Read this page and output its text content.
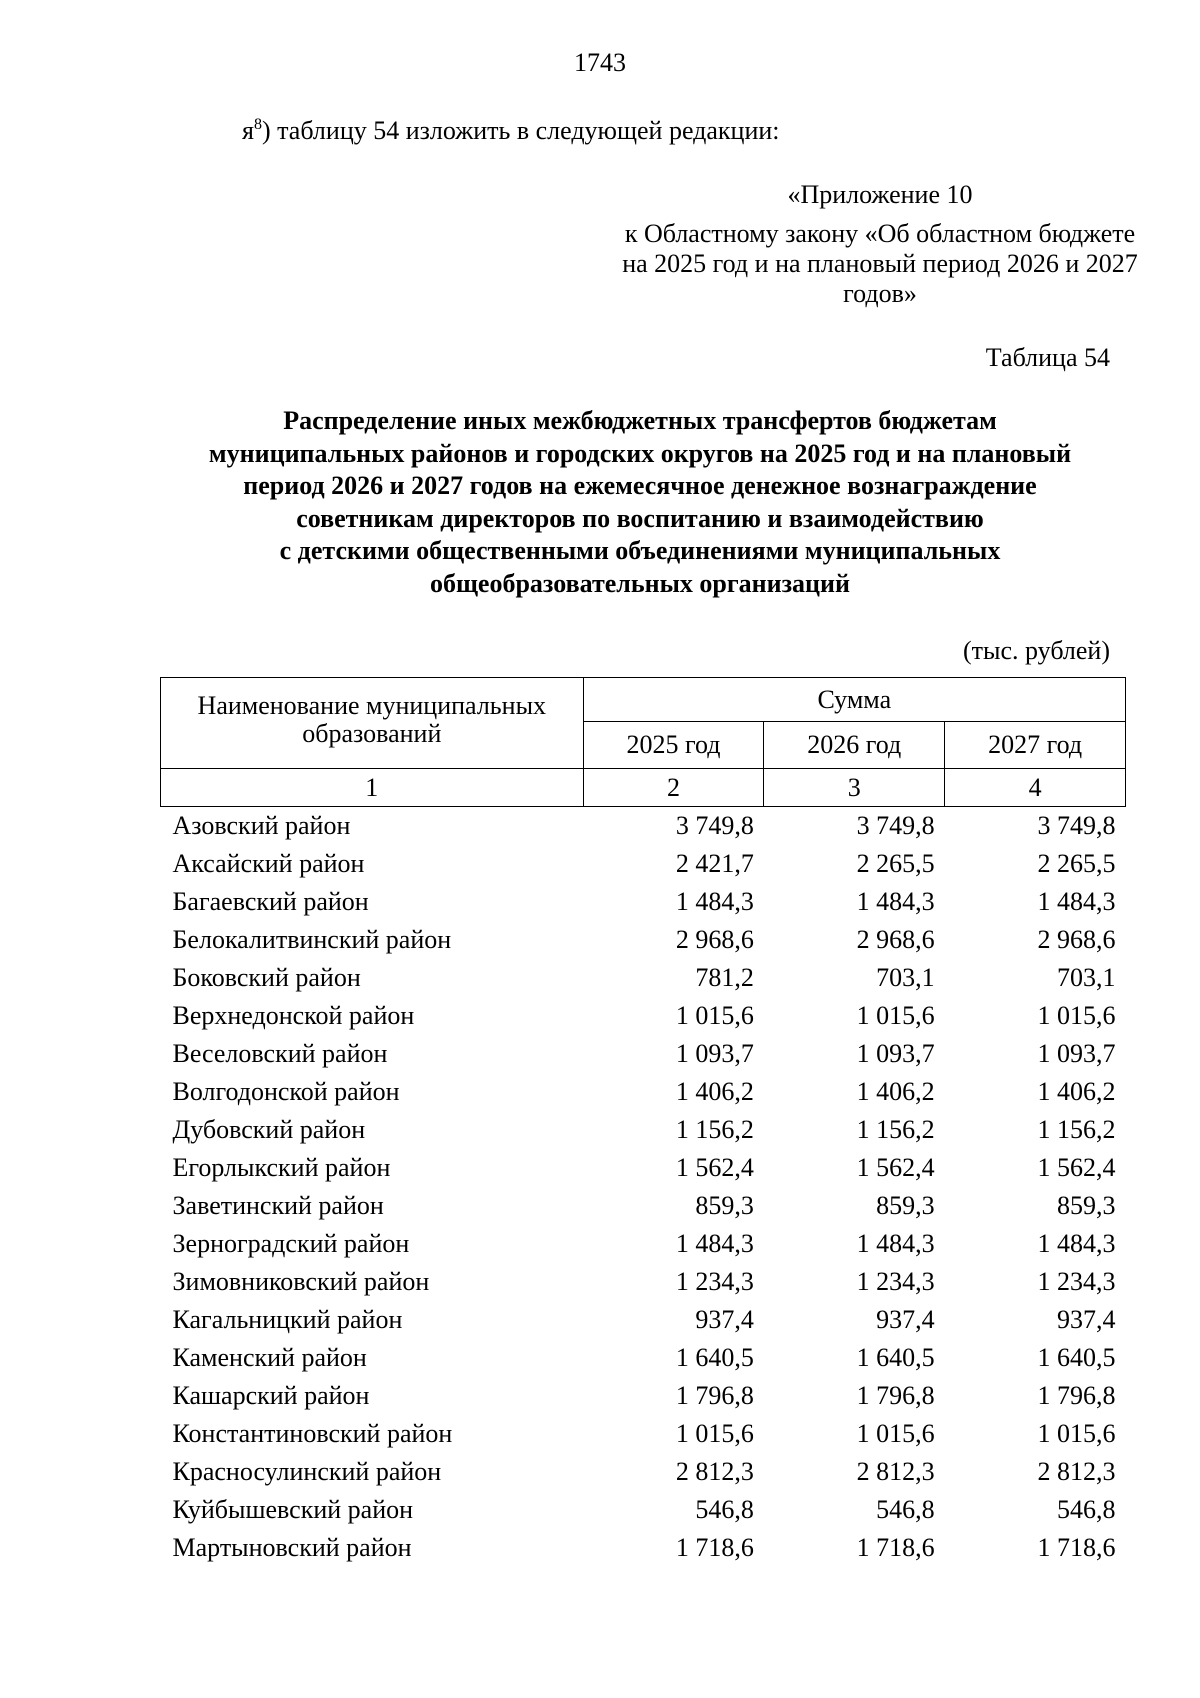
1743
$я^8$) таблицу 54 изложить в следующей редакции:
«Приложение 10
к Областному закону «Об областном бюджете на 2025 год и на плановый период 2026 и 2027 годов»
Таблица 54
Распределение иных межбюджетных трансфертов бюджетам
муниципальных районов и городских округов на 2025 год и на плановый
период 2026 и 2027 годов на ежемесячное денежное вознаграждение
советникам директоров по воспитанию и взаимодействию
с детскими общественными объединениями муниципальных
общеобразовательных организаций
(тыс. рублей)
Наименование муниципальных образований	Сумма		
	2025 год	2026 год	2027 год
1	2	3	4
Азовский район	3 749,8	3 749,8	3 749,8
Аксайский район	2 421,7	2 265,5	2 265,5
Багаевский район	1 484,3	1 484,3	1 484,3
Белокалитвинский район	2 968,6	2 968,6	2 968,6
Боковский район	781,2	703,1	703,1
Верхнедонской район	1 015,6	1 015,6	1 015,6
Веселовский район	1 093,7	1 093,7	1 093,7
Волгодонской район	1 406,2	1 406,2	1 406,2
Дубовский район	1 156,2	1 156,2	1 156,2
Егорлыкский район	1 562,4	1 562,4	1 562,4
Заветинский район	859,3	859,3	859,3
Зерноградский район	1 484,3	1 484,3	1 484,3
Зимовниковский район	1 234,3	1 234,3	1 234,3
Кагальницкий район	937,4	937,4	937,4
Каменский район	1 640,5	1 640,5	1 640,5
Кашарский район	1 796,8	1 796,8	1 796,8
Константиновский район	1 015,6	1 015,6	1 015,6
Красносулинский район	2 812,3	2 812,3	2 812,3
Куйбышевский район	546,8	546,8	546,8
Мартыновский район	1 718,6	1 718,6	1 718,6
